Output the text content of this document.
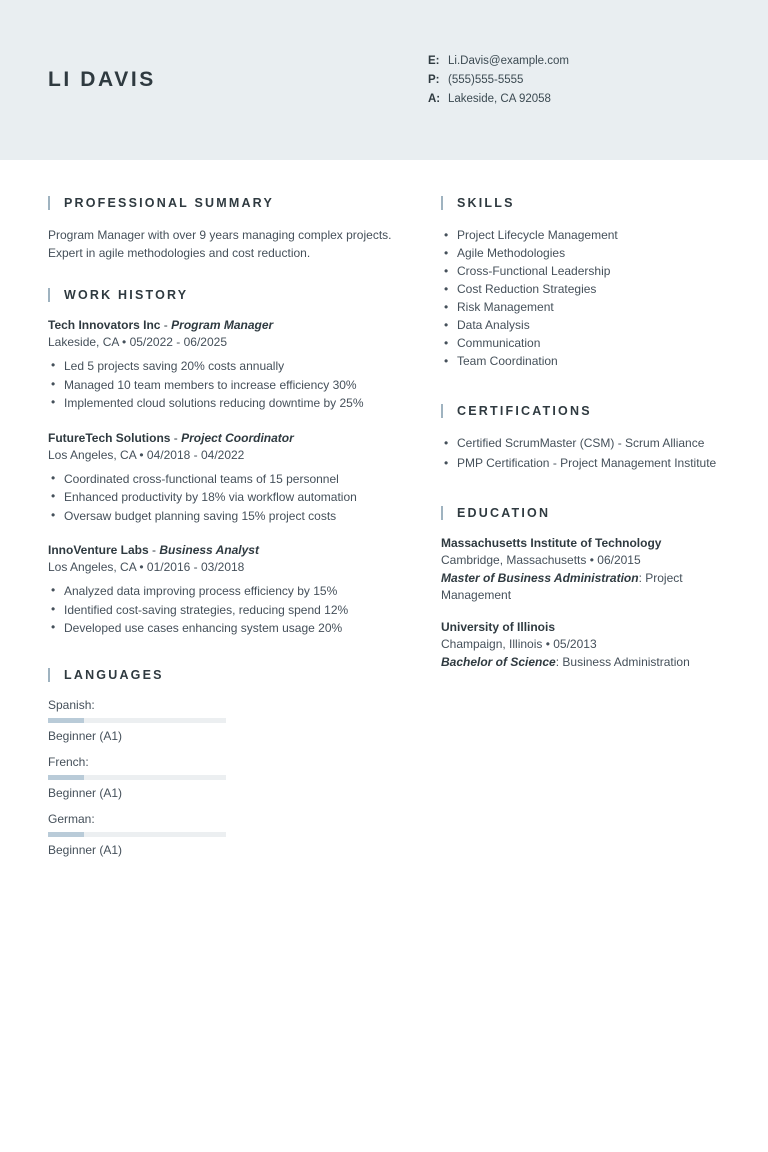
LI DAVIS
E: Li.Davis@example.com
P: (555)555-5555
A: Lakeside, CA 92058
PROFESSIONAL SUMMARY
Program Manager with over 9 years managing complex projects. Expert in agile methodologies and cost reduction.
WORK HISTORY
Tech Innovators Inc - Program Manager
Lakeside, CA • 05/2022 - 06/2025
• Led 5 projects saving 20% costs annually
• Managed 10 team members to increase efficiency 30%
• Implemented cloud solutions reducing downtime by 25%
FutureTech Solutions - Project Coordinator
Los Angeles, CA • 04/2018 - 04/2022
• Coordinated cross-functional teams of 15 personnel
• Enhanced productivity by 18% via workflow automation
• Oversaw budget planning saving 15% project costs
InnoVenture Labs - Business Analyst
Los Angeles, CA • 01/2016 - 03/2018
• Analyzed data improving process efficiency by 15%
• Identified cost-saving strategies, reducing spend 12%
• Developed use cases enhancing system usage 20%
LANGUAGES
Spanish:
Beginner (A1)
French:
Beginner (A1)
German:
Beginner (A1)
SKILLS
• Project Lifecycle Management
• Agile Methodologies
• Cross-Functional Leadership
• Cost Reduction Strategies
• Risk Management
• Data Analysis
• Communication
• Team Coordination
CERTIFICATIONS
• Certified ScrumMaster (CSM) - Scrum Alliance
• PMP Certification - Project Management Institute
EDUCATION
Massachusetts Institute of Technology
Cambridge, Massachusetts • 06/2015
Master of Business Administration: Project Management
University of Illinois
Champaign, Illinois • 05/2013
Bachelor of Science: Business Administration
